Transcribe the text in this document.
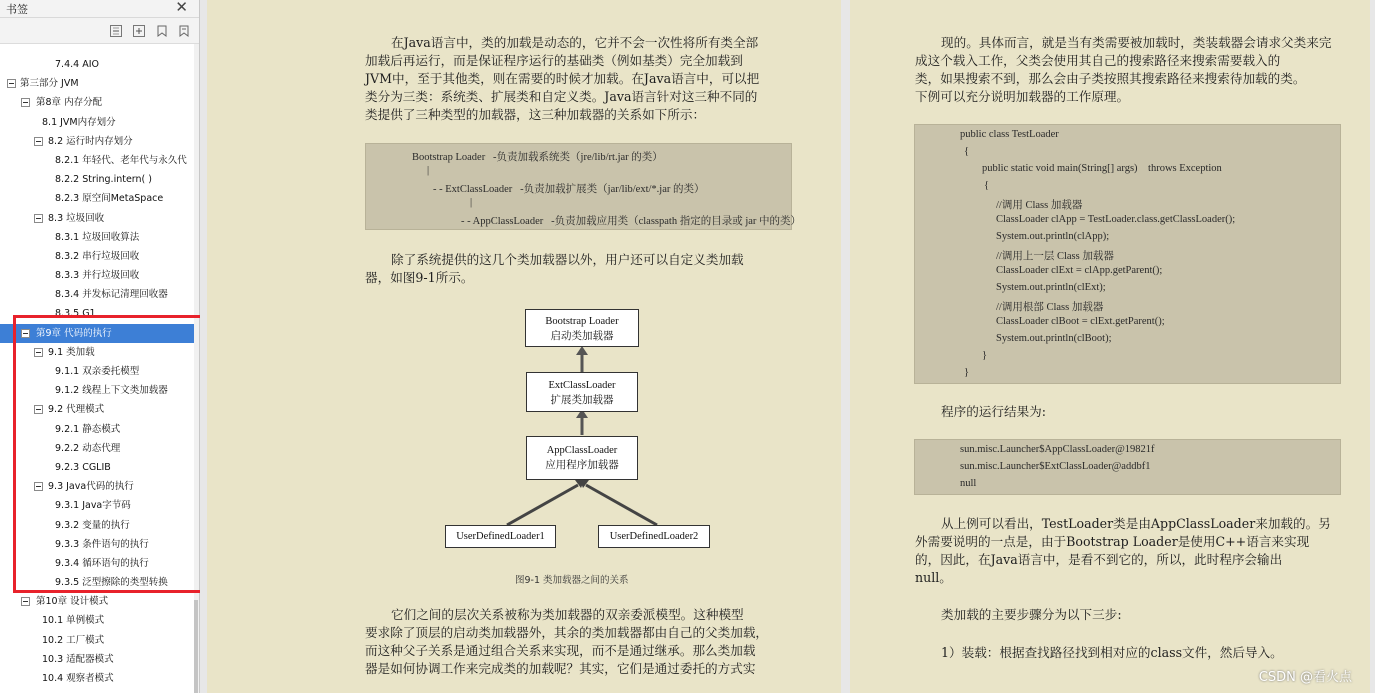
书签	✕
7.4.4 AIO
第三部分 JVM
第8章 内存分配
8.1 JVM内存划分
8.2 运行时内存划分
8.2.1 年轻代、老年代与永久代
8.2.2 String.intern( )
8.2.3 原空间MetaSpace
8.3 垃圾回收
8.3.1 垃圾回收算法
8.3.2 串行垃圾回收
8.3.3 并行垃圾回收
8.3.4 并发标记清理回收器
8.3.5 G1
第9章 代码的执行
9.1 类加载
9.1.1 双亲委托模型
9.1.2 线程上下文类加载器
9.2 代理模式
9.2.1 静态模式
9.2.2 动态代理
9.2.3 CGLIB
9.3 Java代码的执行
9.3.1 Java字节码
9.3.2 变量的执行
9.3.3 条件语句的执行
9.3.4 循环语句的执行
9.3.5 泛型擦除的类型转换
第10章 设计模式
10.1 单例模式
10.2 工厂模式
10.3 适配器模式
10.4 观察者模式
在Java语言中，类的加载是动态的，它并不会一次性将所有类全部
加载后再运行，而是保证程序运行的基础类（例如基类）完全加载到
JVM中，至于其他类，则在需要的时候才加载。在Java语言中，可以把
类分为三类：系统类、扩展类和自定义类。Java语言针对这三种不同的
类提供了三种类型的加载器，这三种加载器的关系如下所示：
Bootstrap Loader   -负责加载系统类（jre/lib/rt.jar 的类）
|
- - ExtClassLoader   -负责加载扩展类（jar/lib/ext/*.jar 的类）
|
- - AppClassLoader   -负责加载应用类（classpath 指定的目录或 jar 中的类）
除了系统提供的这几个类加载器以外，用户还可以自定义类加载
器，如图9-1所示。
Bootstrap Loader
启动类加载器
ExtClassLoader
扩展类加载器
AppClassLoader
应用程序加载器
UserDefinedLoader1	UserDefinedLoader2
图9-1 类加载器之间的关系
它们之间的层次关系被称为类加载器的双亲委派模型。这种模型
要求除了顶层的启动类加载器外，其余的类加载器都由自己的父类加载，
而这种父子关系是通过组合关系来实现，而不是通过继承。那么类加载
器是如何协调工作来完成类的加载呢？其实，它们是通过委托的方式实
现的。具体而言，就是当有类需要被加载时，类装载器会请求父类来完
成这个载入工作，父类会使用其自己的搜索路径来搜索需要载入的
类，如果搜索不到，那么会由子类按照其搜索路径来搜索待加载的类。
下例可以充分说明加载器的工作原理。
public class TestLoader
{
public static void main(String[] args)    throws Exception
{
//调用 Class 加载器
ClassLoader clApp = TestLoader.class.getClassLoader();
System.out.println(clApp);
//调用上一层 Class 加载器
ClassLoader clExt = clApp.getParent();
System.out.println(clExt);
//调用根部 Class 加载器
ClassLoader clBoot = clExt.getParent();
System.out.println(clBoot);
}
}
程序的运行结果为:
sun.misc.Launcher$AppClassLoader@19821f
sun.misc.Launcher$ExtClassLoader@addbf1
null
从上例可以看出，TestLoader类是由AppClassLoader来加载的。另
外需要说明的一点是，由于Bootstrap Loader是使用C++语言来实现
的，因此，在Java语言中，是看不到它的，所以，此时程序会输出
null。
类加载的主要步骤分为以下三步:
1）装载：根据查找路径找到相对应的class文件，然后导入。
CSDN @看火点
